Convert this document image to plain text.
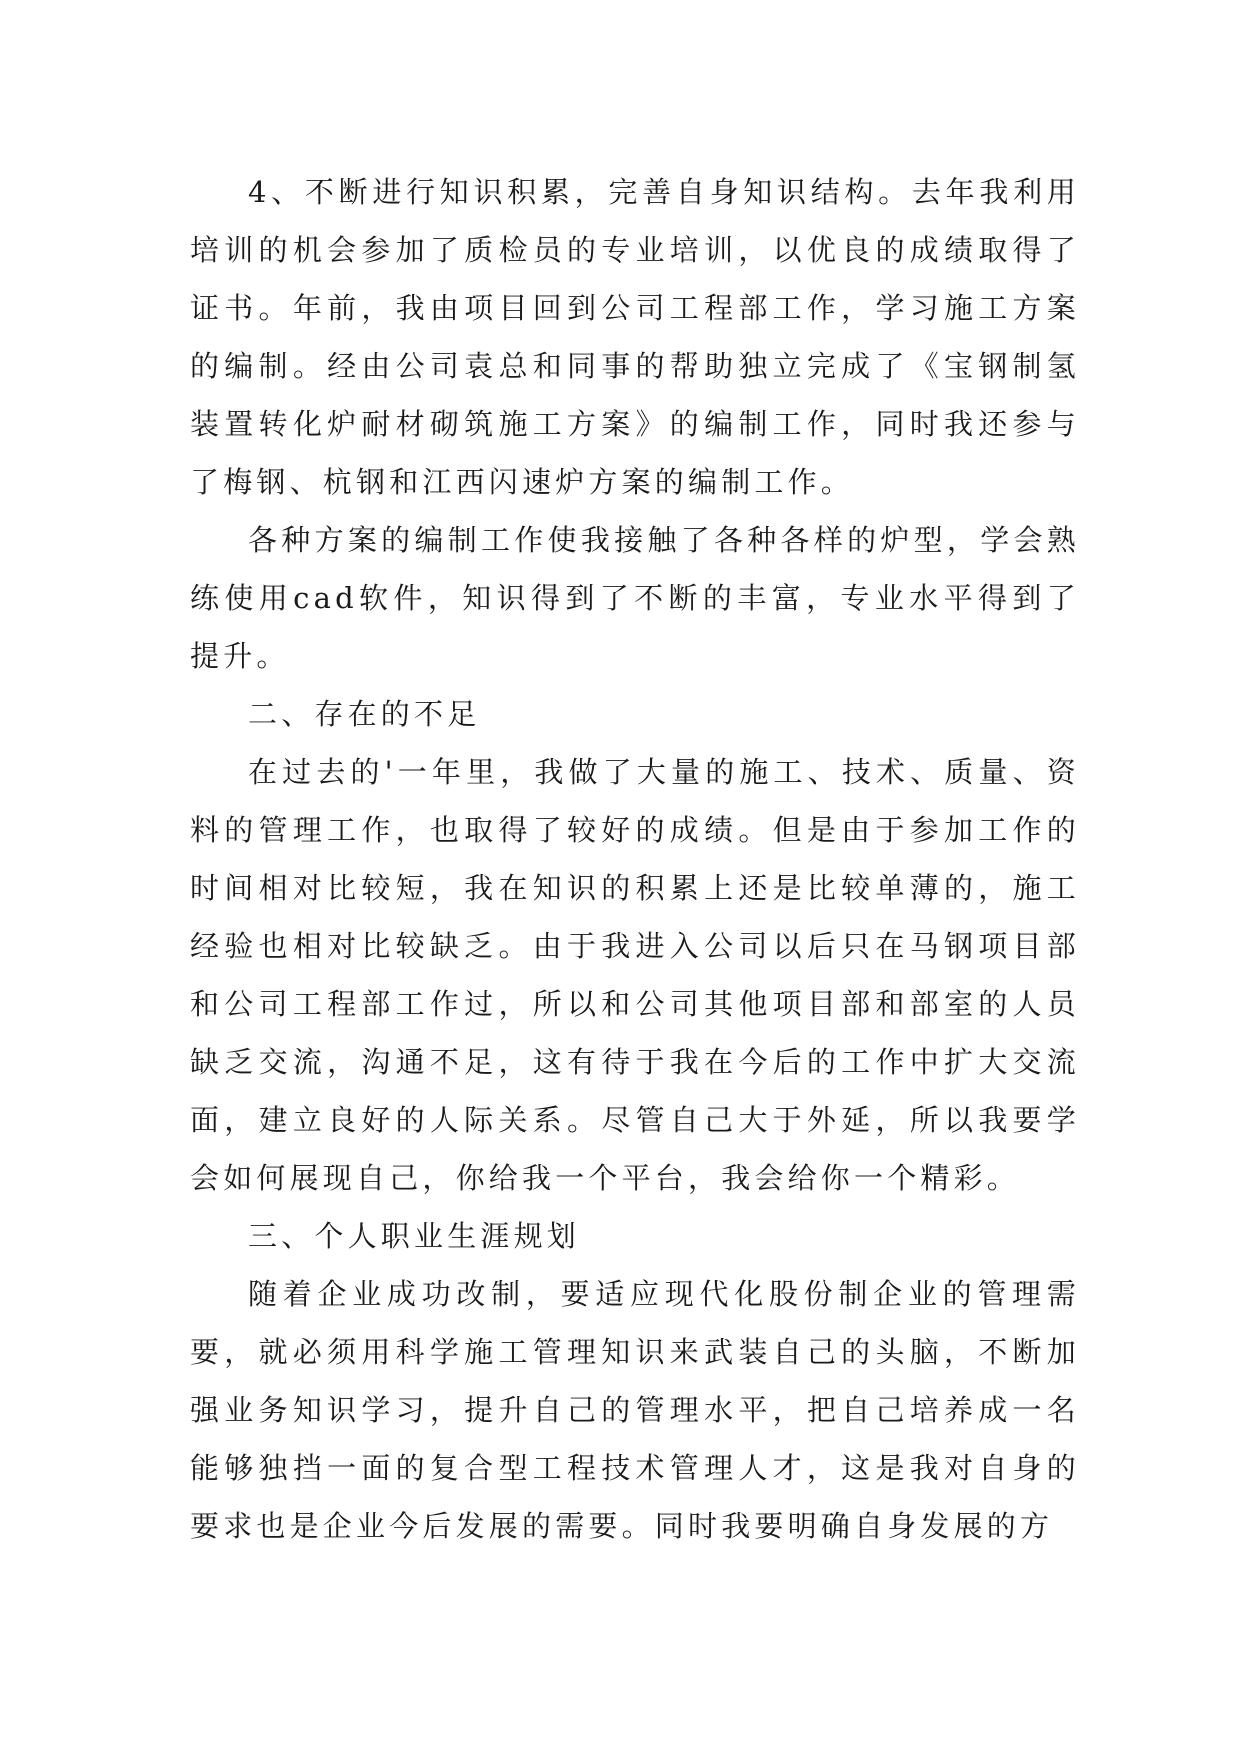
4、不断进行知识积累，完善自身知识结构。去年我利用培训的机会参加了质检员的专业培训，以优良的成绩取得了证书。年前，我由项目回到公司工程部工作，学习施工方案的编制。经由公司袁总和同事的帮助独立完成了《宝钢制氢装置转化炉耐材砌筑施工方案》的编制工作，同时我还参与了梅钢、杭钢和江西闪速炉方案的编制工作。

各种方案的编制工作使我接触了各种各样的炉型，学会熟练使用cad软件，知识得到了不断的丰富，专业水平得到了提升。

二、存在的不足

在过去的'一年里，我做了大量的施工、技术、质量、资料的管理工作，也取得了较好的成绩。但是由于参加工作的时间相对比较短，我在知识的积累上还是比较单薄的，施工经验也相对比较缺乏。由于我进入公司以后只在马钢项目部和公司工程部工作过，所以和公司其他项目部和部室的人员缺乏交流，沟通不足，这有待于我在今后的工作中扩大交流面，建立良好的人际关系。尽管自己大于外延，所以我要学会如何展现自己，你给我一个平台，我会给你一个精彩。

三、个人职业生涯规划

随着企业成功改制，要适应现代化股份制企业的管理需要，就必须用科学施工管理知识来武装自己的头脑，不断加强业务知识学习，提升自己的管理水平，把自己培养成一名能够独挡一面的复合型工程技术管理人才，这是我对自身的要求也是企业今后发展的需要。同时我要明确自身发展的方
